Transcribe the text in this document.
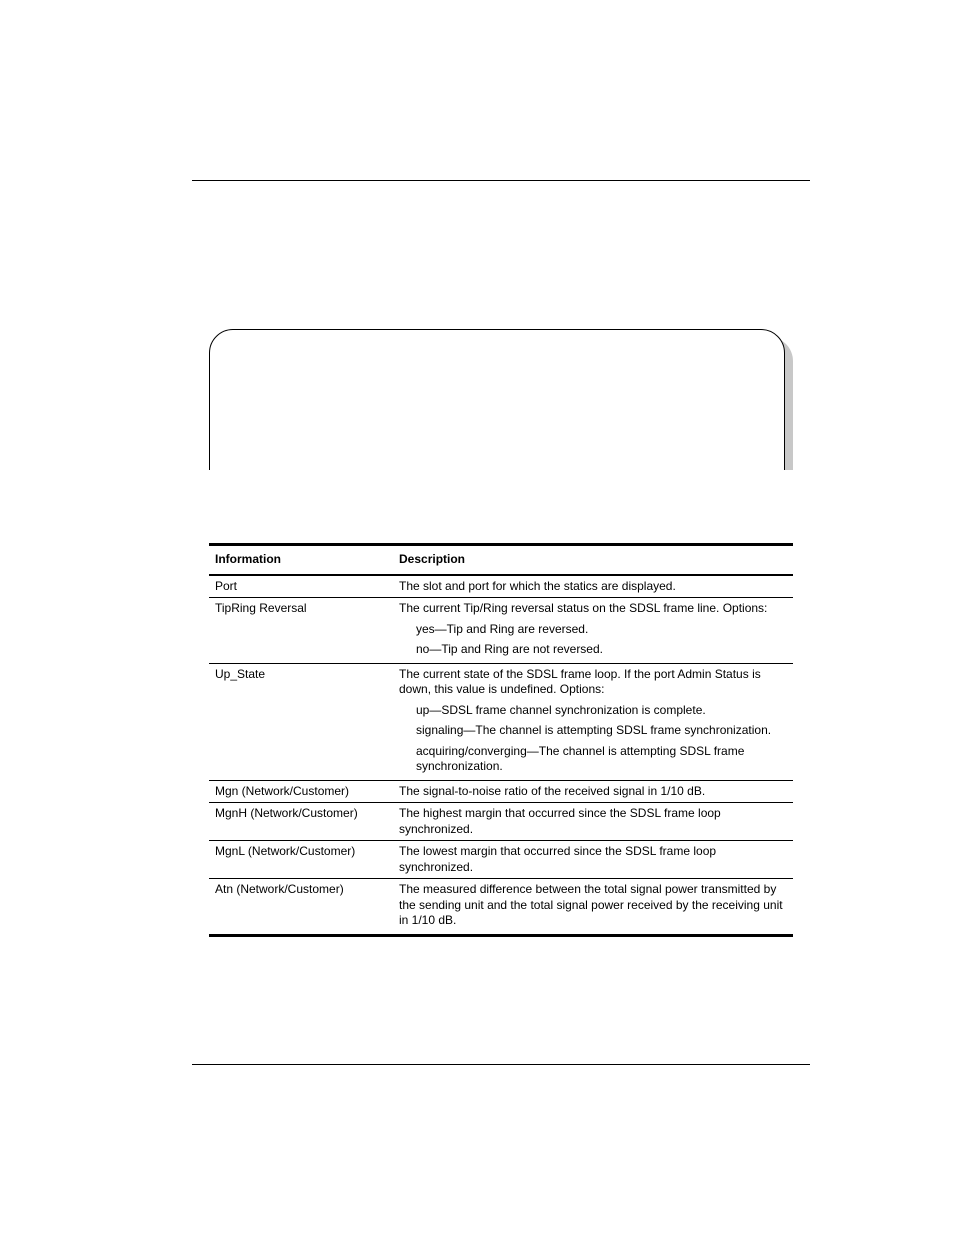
Information	Description
Port	The slot and port for which the statics are displayed.

TipRing Reversal	The current Tip/Ring reversal status on the SDSL frame line. Options:
yes—Tip and Ring are reversed.
no—Tip and Ring are not reversed.

Up_State	The current state of the SDSL frame loop. If the port Admin Status is down, this value is undefined. Options:
up—SDSL frame channel synchronization is complete.
signaling—The channel is attempting SDSL frame synchronization.
acquiring/converging—The channel is attempting SDSL frame synchronization.

Mgn (Network/Customer)	The signal-to-noise ratio of the received signal in 1/10 dB.

MgnH (Network/Customer)	The highest margin that occurred since the SDSL frame loop synchronized.

MgnL (Network/Customer)	The lowest margin that occurred since the SDSL frame loop synchronized.

Atn (Network/Customer)	The measured difference between the total signal power transmitted by the sending unit and the total signal power received by the receiving unit in 1/10 dB.
